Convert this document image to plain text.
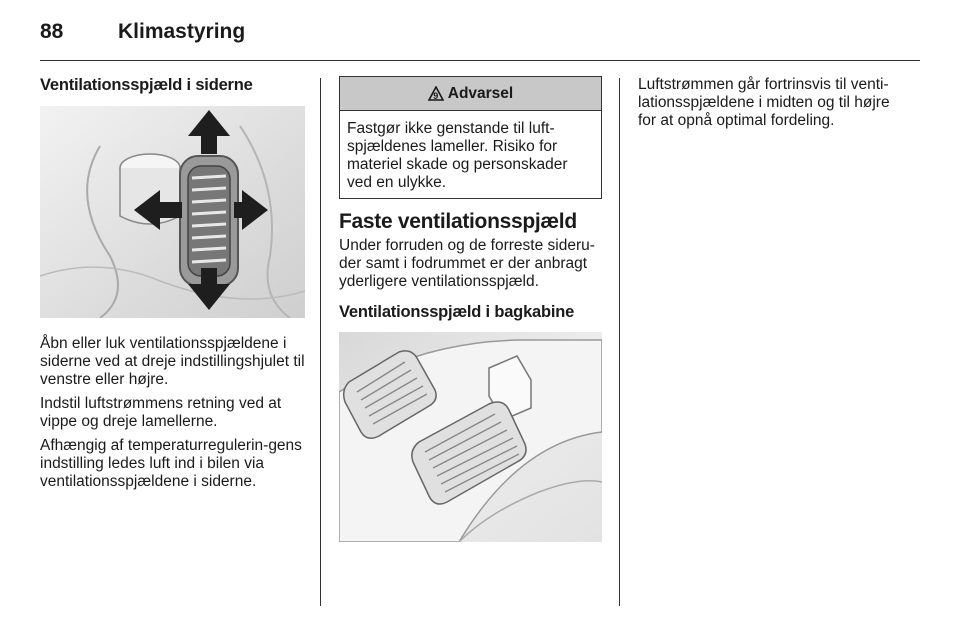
88	Klimastyring
Ventilationsspjæld i siderne

Åbn eller luk ventilationsspjældene i siderne ved at dreje indstillingshjulet til venstre eller højre.

Indstil luftstrømmens retning ved at vippe og dreje lamellerne.

Afhængig af temperaturregulerin-gens indstilling ledes luft ind i bilen via ventilationsspjældene i siderne.

9 Advarsel

Fastgør ikke genstande til luft-spjældenes lameller. Risiko for materiel skade og personskader ved en ulykke.

Faste ventilationsspjæld

Under forruden og de forreste sideru-der samt i fodrummet er der anbragt yderligere ventilationsspjæld.

Ventilationsspjæld i bagkabine

Luftstrømmen går fortrinsvis til venti-lationsspjældene i midten og til højre for at opnå optimal fordeling.
